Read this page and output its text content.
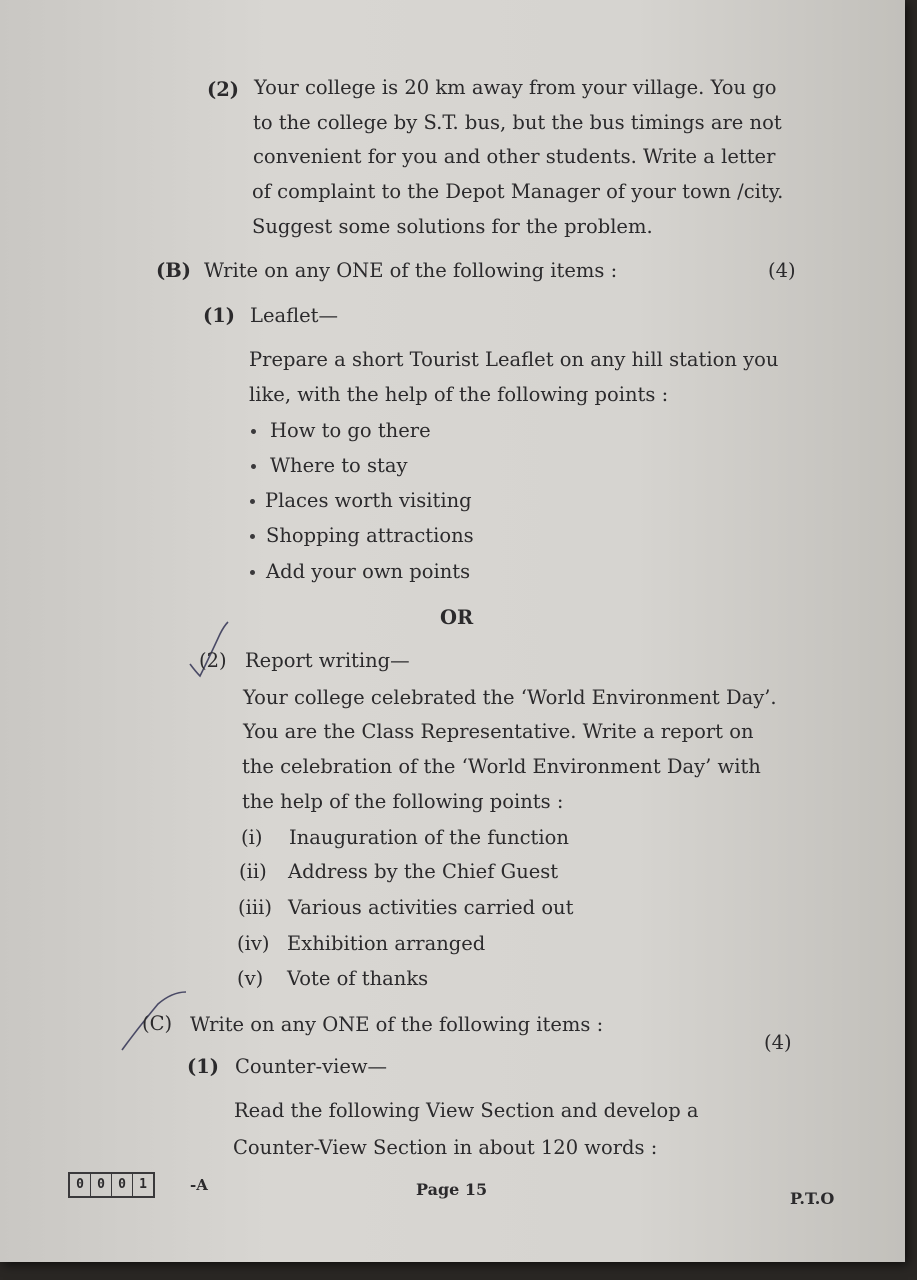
(2) Your college is 20 km away from your village. You go
to the college by S.T. bus, but the bus timings are not
convenient for you and other students. Write a letter
of complaint to the Depot Manager of your town /city.
Suggest some solutions for the problem.
(B) Write on any ONE of the following items :	(4)
(1) Leaflet—
Prepare a short Tourist Leaflet on any hill station you
like, with the help of the following points :
How to go there
Where to stay
Places worth visiting
Shopping attractions
Add your own points
OR
(2) Report writing—
Your college celebrated the ‘World Environment Day’.
You are the Class Representative. Write a report on
the celebration of the ‘World Environment Day’ with
the help of the following points :
(i) Inauguration of the function
(ii) Address by the Chief Guest
(iii) Various activities carried out
(iv) Exhibition arranged
(v) Vote of thanks
(C) Write on any ONE of the following items :
(4)
(1) Counter-view—
Read the following View Section and develop a
Counter-View Section in about 120 words :
0	0	0	1	-A	Page 15	P.T.O
